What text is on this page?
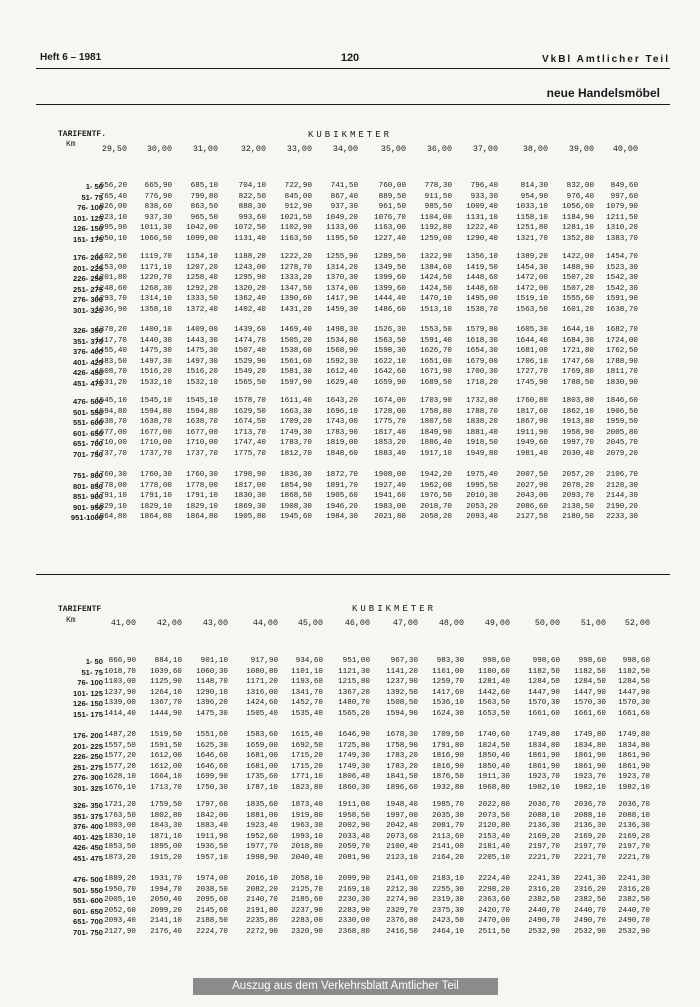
Heft 6 – 1981	120	VkBl Amtlicher Teil
neue Handelsmöbel
TARIFENTF.
Km
KUBIKMETER
29,50	30,00	31,00	32,00	33,00	34,00	35,00	36,00	37,00	38,00	39,00	40,00
1- 50
656,20	665,90	685,10	704,10	722,90	741,50	760,00	778,30	796,40	814,30	832,00	849,60
51- 75
765,40	776,90	799,80	822,50	845,00	867,40	889,50	911,50	933,30	954,90	976,40	997,60
76- 100
826,00	838,60	863,50	888,30	912,90	937,30	961,50	985,50	1009,40	1033,10	1056,60	1079,90
101- 125
923,10	937,30	965,50	993,60	1021,50	1049,20	1076,70	1104,00	1131,10	1158,10	1184,90	1211,50
126- 150
995,90	1011,30	1042,00	1072,50	1102,90	1133,00	1163,00	1192,80	1222,40	1251,80	1281,10	1310,20
151- 175
1050,10	1066,50	1099,00	1131,40	1163,50	1195,50	1227,40	1259,00	1290,40	1321,70	1352,80	1383,70
176- 200
1102,50	1119,70	1154,10	1188,20	1222,20	1255,90	1289,50	1322,90	1356,10	1389,20	1422,00	1454,70
201- 225
1153,00	1171,10	1207,20	1243,00	1278,70	1314,20	1349,50	1384,60	1419,50	1454,30	1488,90	1523,30
226- 250
1201,80	1220,70	1258,40	1295,90	1333,20	1370,30	1399,60	1424,50	1448,60	1472,00	1507,20	1542,30
251- 275
1248,60	1268,30	1292,20	1320,20	1347,50	1374,00	1399,60	1424,50	1448,60	1472,00	1507,20	1542,30
276- 300
1293,70	1314,10	1333,50	1362,40	1390,60	1417,90	1444,40	1470,10	1495,00	1519,10	1555,60	1591,90
301- 325
1336,90	1358,10	1372,40	1402,40	1431,20	1459,30	1486,60	1513,10	1538,70	1563,50	1601,20	1638,70
326- 350
1378,20	1400,10	1409,00	1439,60	1469,40	1498,30	1526,30	1553,50	1579,80	1605,30	1644,10	1682,70
351- 375
1417,70	1440,30	1443,30	1474,70	1505,20	1534,80	1563,50	1591,40	1618,30	1644,40	1684,30	1724,00
376- 400
1455,40	1475,30	1475,30	1507,40	1538,60	1568,90	1598,30	1626,70	1654,30	1681,00	1721,80	1762,50
401- 425
1483,50	1497,30	1497,30	1529,90	1561,60	1592,30	1622,10	1651,00	1679,00	1706,10	1747,60	1788,90
426- 450
1508,70	1516,20	1516,20	1549,20	1581,30	1612,40	1642,60	1671,90	1700,30	1727,70	1769,80	1811,70
451- 475
1531,20	1532,10	1532,10	1565,50	1597,90	1629,40	1659,90	1689,50	1718,20	1745,90	1788,50	1830,90
476- 500
1545,10	1545,10	1545,10	1578,70	1611,40	1643,20	1674,00	1703,90	1732,80	1760,80	1803,80	1846,60
501- 550
1594,80	1594,80	1594,80	1629,50	1663,30	1696,10	1728,00	1758,80	1788,70	1817,60	1862,10	1906,50
551- 600
1638,70	1638,70	1638,70	1674,50	1709,20	1743,00	1775,70	1807,50	1838,20	1867,90	1913,80	1959,50
601- 650
1677,00	1677,00	1677,00	1713,70	1749,30	1783,90	1817,40	1849,90	1881,40	1911,90	1958,90	2005,80
651- 700
1710,00	1710,00	1710,00	1747,40	1783,70	1819,00	1853,20	1886,40	1918,50	1949,60	1997,70	2045,70
701- 750
1737,70	1737,70	1737,70	1775,70	1812,70	1848,60	1883,40	1917,10	1949,80	1981,40	2030,40	2079,20
751- 800
1760,30	1760,30	1760,30	1798,90	1836,30	1872,70	1908,00	1942,20	1975,40	2007,50	2057,20	2106,70
801- 850
1778,00	1778,00	1778,00	1817,00	1854,90	1891,70	1927,40	1962,00	1995,50	2027,90	2078,20	2128,30
851- 900
1791,10	1791,10	1791,10	1830,30	1868,50	1905,60	1941,60	1976,50	2010,30	2043,00	2093,70	2144,30
901- 950
1829,10	1829,10	1829,10	1869,30	1908,30	1946,20	1983,00	2018,70	2053,20	2086,60	2138,50	2190,20
951-1000
1864,80	1864,80	1864,80	1905,80	1945,60	1984,30	2021,80	2058,20	2093,40	2127,50	2180,50	2233,30
TARIFENTF
Km
KUBIKMETER
41,00	42,00	43,00	44,00	45,00	46,00	47,00	48,00	49,00	50,00	51,00	52,00
1- 50 866,90	884,10	901,10	917,90	934,60	951,00	967,30	983,30	998,60	998,60	998,60	998,60
51- 75 1018,70	1039,60	1060,30	1080,80	1101,10	1121,30	1141,20	1161,00	1180,60	1182,50	1182,50	1182,50
76- 100 1103,00	1125,90	1148,70	1171,20	1193,60	1215,80	1237,90	1259,70	1281,40	1284,50	1284,50	1284,50
101- 125 1237,90	1264,10	1290,10	1316,00	1341,70	1367,20	1392,50	1417,60	1442,60	1447,90	1447,90	1447,90
126- 150 1339,00	1367,70	1396,20	1424,60	1452,70	1480,70	1508,50	1536,10	1563,50	1570,30	1570,30	1570,30
151- 175 1414,40	1444,90	1475,30	1505,40	1535,40	1565,20	1594,90	1624,30	1653,50	1661,60	1661,60	1661,60
176- 200 1487,20	1519,50	1551,60	1583,60	1615,40	1646,90	1678,30	1709,50	1740,60	1749,80	1749,80	1749,80
201- 225 1557,50	1591,50	1625,30	1659,00	1692,50	1725,80	1758,90	1791,80	1824,50	1834,80	1834,80	1834,80
226- 250 1577,20	1612,00	1646,60	1681,00	1715,20	1749,30	1783,20	1816,90	1850,40	1861,90	1861,90	1861,90
251- 275 1577,20	1612,00	1646,60	1681,00	1715,20	1749,30	1783,20	1816,90	1850,40	1861,90	1861,90	1861,90
276- 300 1628,10	1664,10	1699,90	1735,60	1771,10	1806,40	1841,50	1876,50	1911,30	1923,70	1923,70	1923,70
301- 325 1676,10	1713,70	1750,30	1787,10	1823,80	1860,30	1896,60	1932,80	1968,80	1982,10	1982,10	1982,10
326- 350 1721,20	1759,50	1797,60	1835,60	1873,40	1911,00	1948,40	1985,70	2022,80	2036,70	2036,70	2036,70
351- 375 1763,50	1802,80	1842,00	1881,00	1919,80	1958,50	1997,00	2035,30	2073,50	2088,10	2088,10	2088,10
376- 400 1803,00	1843,30	1883,40	1923,40	1963,30	2002,90	2042,40	2081,70	2120,80	2136,30	2136,30	2136,30
401- 425 1830,10	1871,10	1911,90	1952,60	1993,10	2033,40	2073,60	2113,60	2153,40	2169,20	2169,20	2169,20
426- 450 1853,50	1895,00	1936,50	1977,70	2018,80	2059,70	2100,40	2141,00	2181,40	2197,70	2197,70	2197,70
451- 475 1873,20	1915,20	1957,10	1998,90	2040,40	2081,90	2123,10	2164,20	2205,10	2221,70	2221,70	2221,70
476- 500 1889,20	1931,70	1974,00	2016,10	2058,10	2099,90	2141,60	2183,10	2224,40	2241,30	2241,30	2241,30
501- 550 1950,70	1994,70	2038,50	2082,20	2125,70	2169,10	2212,30	2255,30	2298,20	2316,20	2316,20	2316,20
551- 600 2005,10	2050,40	2095,60	2140,70	2185,60	2230,30	2274,90	2319,30	2363,60	2382,50	2382,50	2382,50
601- 650 2052,60	2099,20	2145,60	2191,80	2237,90	2283,90	2329,70	2375,30	2420,70	2440,70	2440,70	2440,70
651- 700 2093,40	2141,10	2188,50	2235,80	2283,00	2330,00	2376,80	2423,50	2470,00	2490,70	2490,70	2490,70
701- 750 2127,90	2176,40	2224,70	2272,90	2320,90	2368,80	2416,50	2464,10	2511,50	2532,90	2532,90	2532,90
Auszug aus dem Verkehrsblatt Amtlicher Teil
